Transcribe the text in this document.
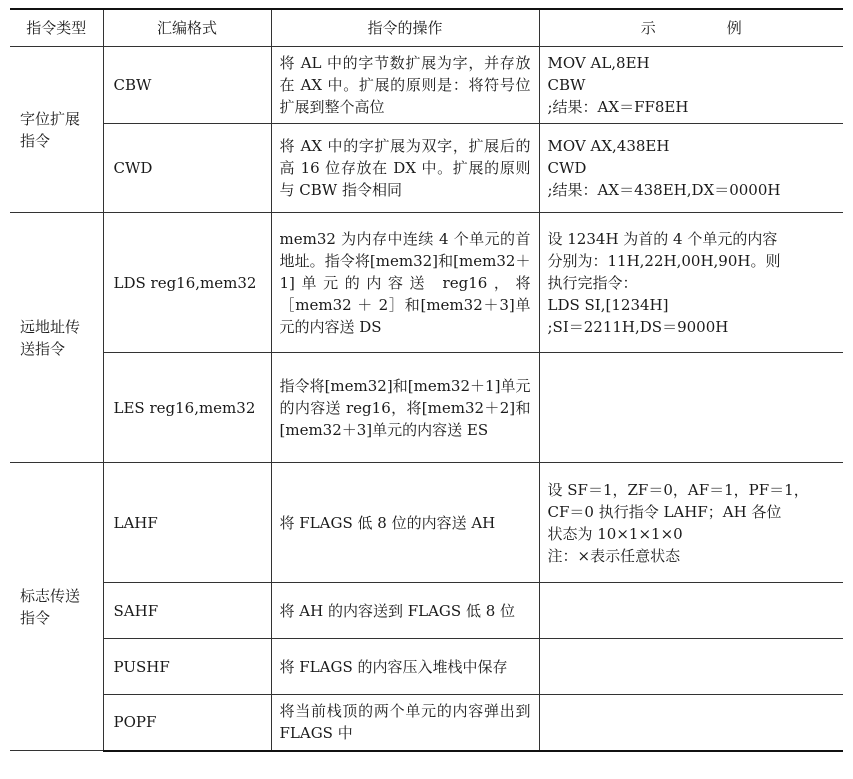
指令类型	汇编格式	指令的操作	示　例
字位扩展指令	CBW	将 AL 中的字节数扩展为字，并存放在 AX 中。扩展的原则是：将符号位扩展到整个高位	MOV AL,8EH
CBW
;结果：AX＝FF8EH

	CWD	将 AX 中的字扩展为双字，扩展后的高 16 位存放在 DX 中。扩展的原则与 CBW 指令相同	MOV AX,438EH
CWD
;结果：AX＝438EH,DX＝0000H

远地址传送指令	LDS reg16,mem32	mem32 为内存中连续 4 个单元的首地址。指令将[mem32]和[mem32＋1]单元的内容送 reg16，将［mem32 ＋ 2］和[mem32＋3]单元的内容送 DS	设 1234H 为首的 4 个单元的内容
分别为：11H,22H,00H,90H。则
执行完指令：
LDS SI,[1234H]
;SI＝2211H,DS＝9000H

	LES reg16,mem32	指令将[mem32]和[mem32＋1]单元的内容送 reg16，将[mem32＋2]和[mem32＋3]单元的内容送 ES	
标志传送指令	LAHF	将 FLAGS 低 8 位的内容送 AH	设 SF＝1，ZF＝0，AF＝1，PF＝1，
CF＝0 执行指令 LAHF；AH 各位
状态为 10×1×1×0
注：×表示任意状态

	SAHF	将 AH 的内容送到 FLAGS 低 8 位	
	PUSHF	将 FLAGS 的内容压入堆栈中保存	
	POPF	将当前栈顶的两个单元的内容弹出到 FLAGS 中	
